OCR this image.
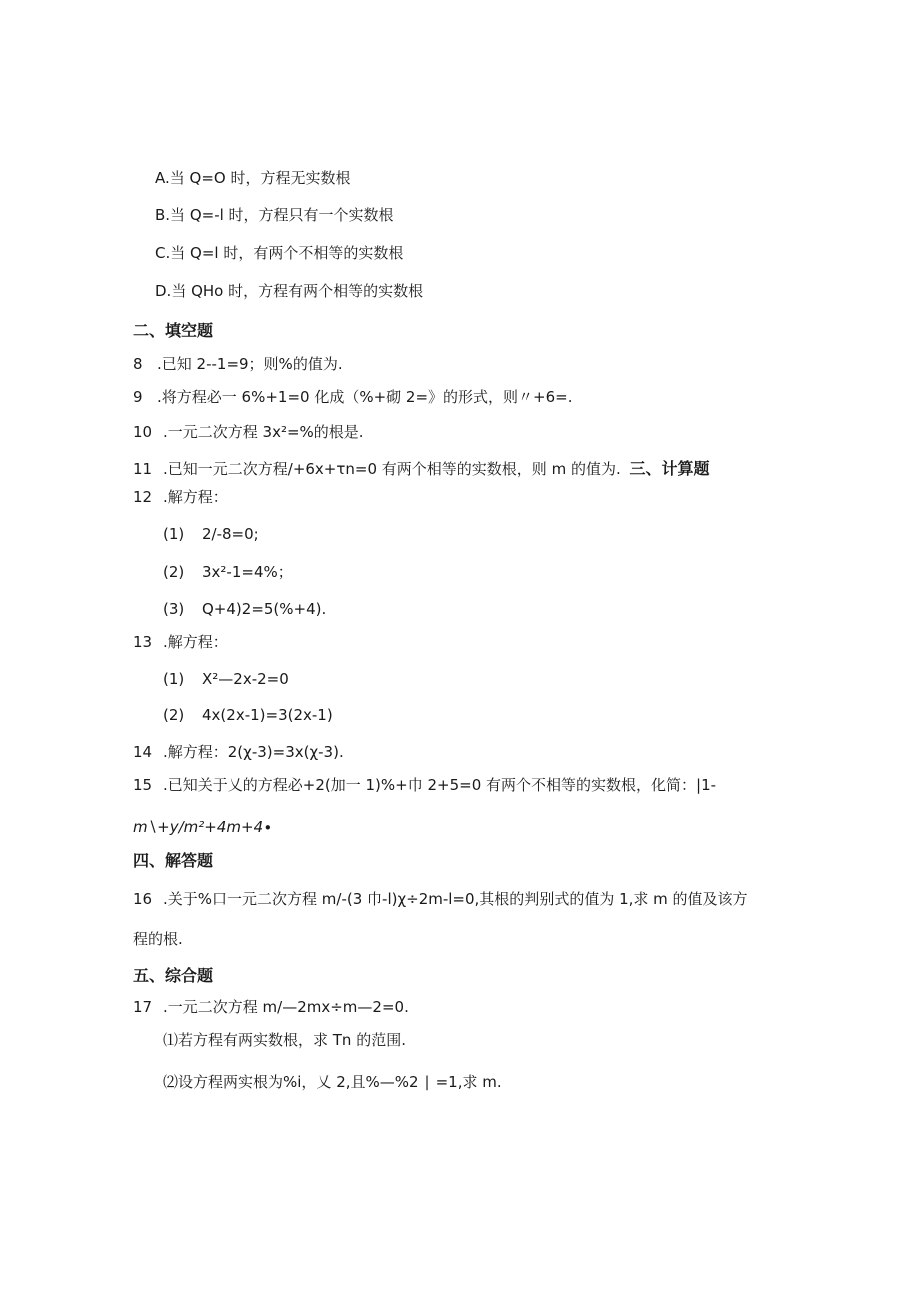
A.当 Q=O 时，方程无实数根
B.当 Q=-l 时，方程只有一个实数根
C.当 Q=l 时，有两个不相等的实数根
D.当 QHo 时，方程有两个相等的实数根
二、填空题
8 .已知 2--1=9；则%的值为.
9 .将方程必一 6%+1=0 化成（%+砌 2=》的形式，则〃+6=.
10 .一元二次方程 3x²=%的根是.
11 .已知一元二次方程/+6x+τn=0 有两个相等的实数根，则 m 的值为. 三、计算题
12 .解方程：
(1) 2/-8=0;
(2) 3x²-1=4%；
(3) Q+4)2=5(%+4).
13 .解方程：
(1) X²—2x-2=0
(2) 4x(2x-1)=3(2x-1)
14 .解方程：2(χ-3)=3x(χ-3).
15 .已知关于乂的方程必+2(加一 1)%+巾 2+5=0 有两个不相等的实数根，化简：|1-
m∖+y∕m²+4m+4∙
四、解答题
16 .关于%口一元二次方程 m/-(3 巾-l)χ÷2m-l=0,其根的判别式的值为 1,求 m 的值及该方
程的根.
五、综合题
17 .一元二次方程 m/—2mx÷m—2=0.
⑴若方程有两实数根，求 Tn 的范围.
⑵设方程两实根为%i，乂 2,且%—%2 ∣ =1,求 m.
